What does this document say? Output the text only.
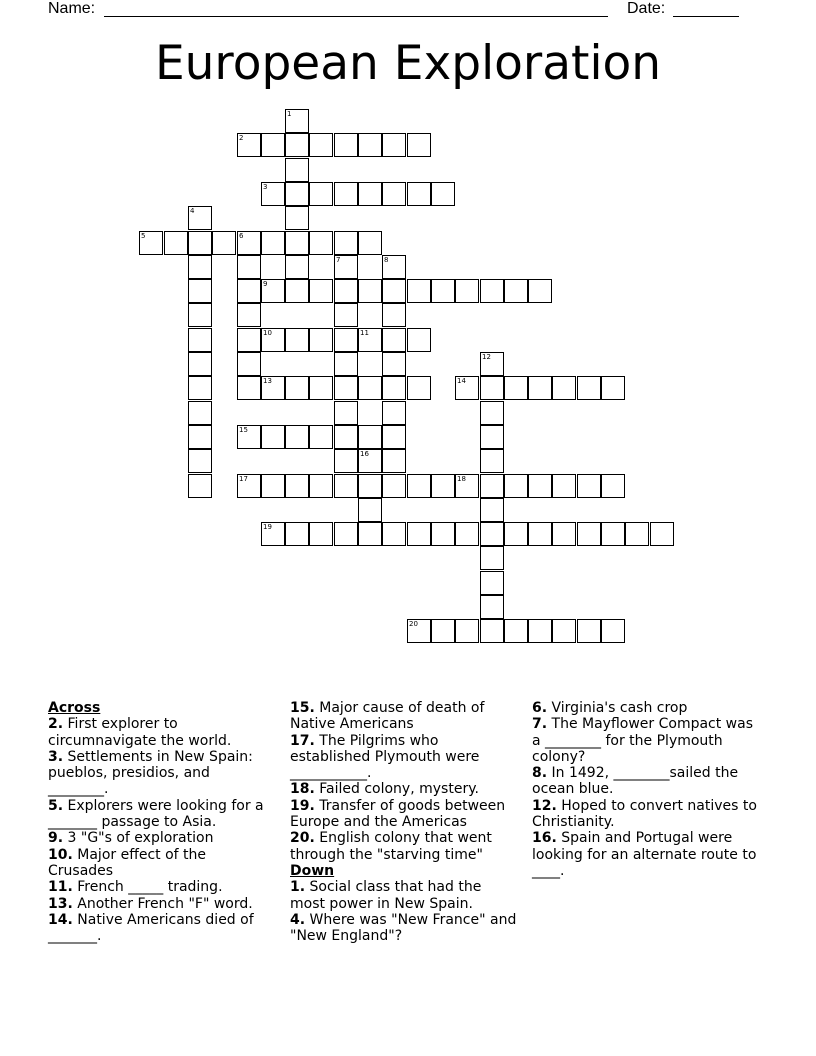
Name:	Date:
European Exploration
1
2
3
4
5	6
7	8
9
10	11
12
13	14
15
16
17	18
19
20

Across

2. First explorer to circumnavigate the world.

3. Settlements in New Spain: pueblos, presidios, and ________.

5. Explorers were looking for a _______ passage to Asia.

9. 3 "G"s of exploration

10. Major effect of the Crusades

11. French _____ trading.

13. Another French "F" word.

14. Native Americans died of _______.

15. Major cause of death of Native Americans

17. The Pilgrims who established Plymouth were ___________.

18. Failed colony, mystery.

19. Transfer of goods between Europe and the Americas

20. English colony that went through the "starving time"

Down

1. Social class that had the most power in New Spain.

4. Where was "New France" and "New England"?

6. Virginia's cash crop

7. The Mayflower Compact was a ________ for the Plymouth colony?

8. In 1492, ________sailed the ocean blue.

12. Hoped to convert natives to Christianity.

16. Spain and Portugal were looking for an alternate route to ____.
